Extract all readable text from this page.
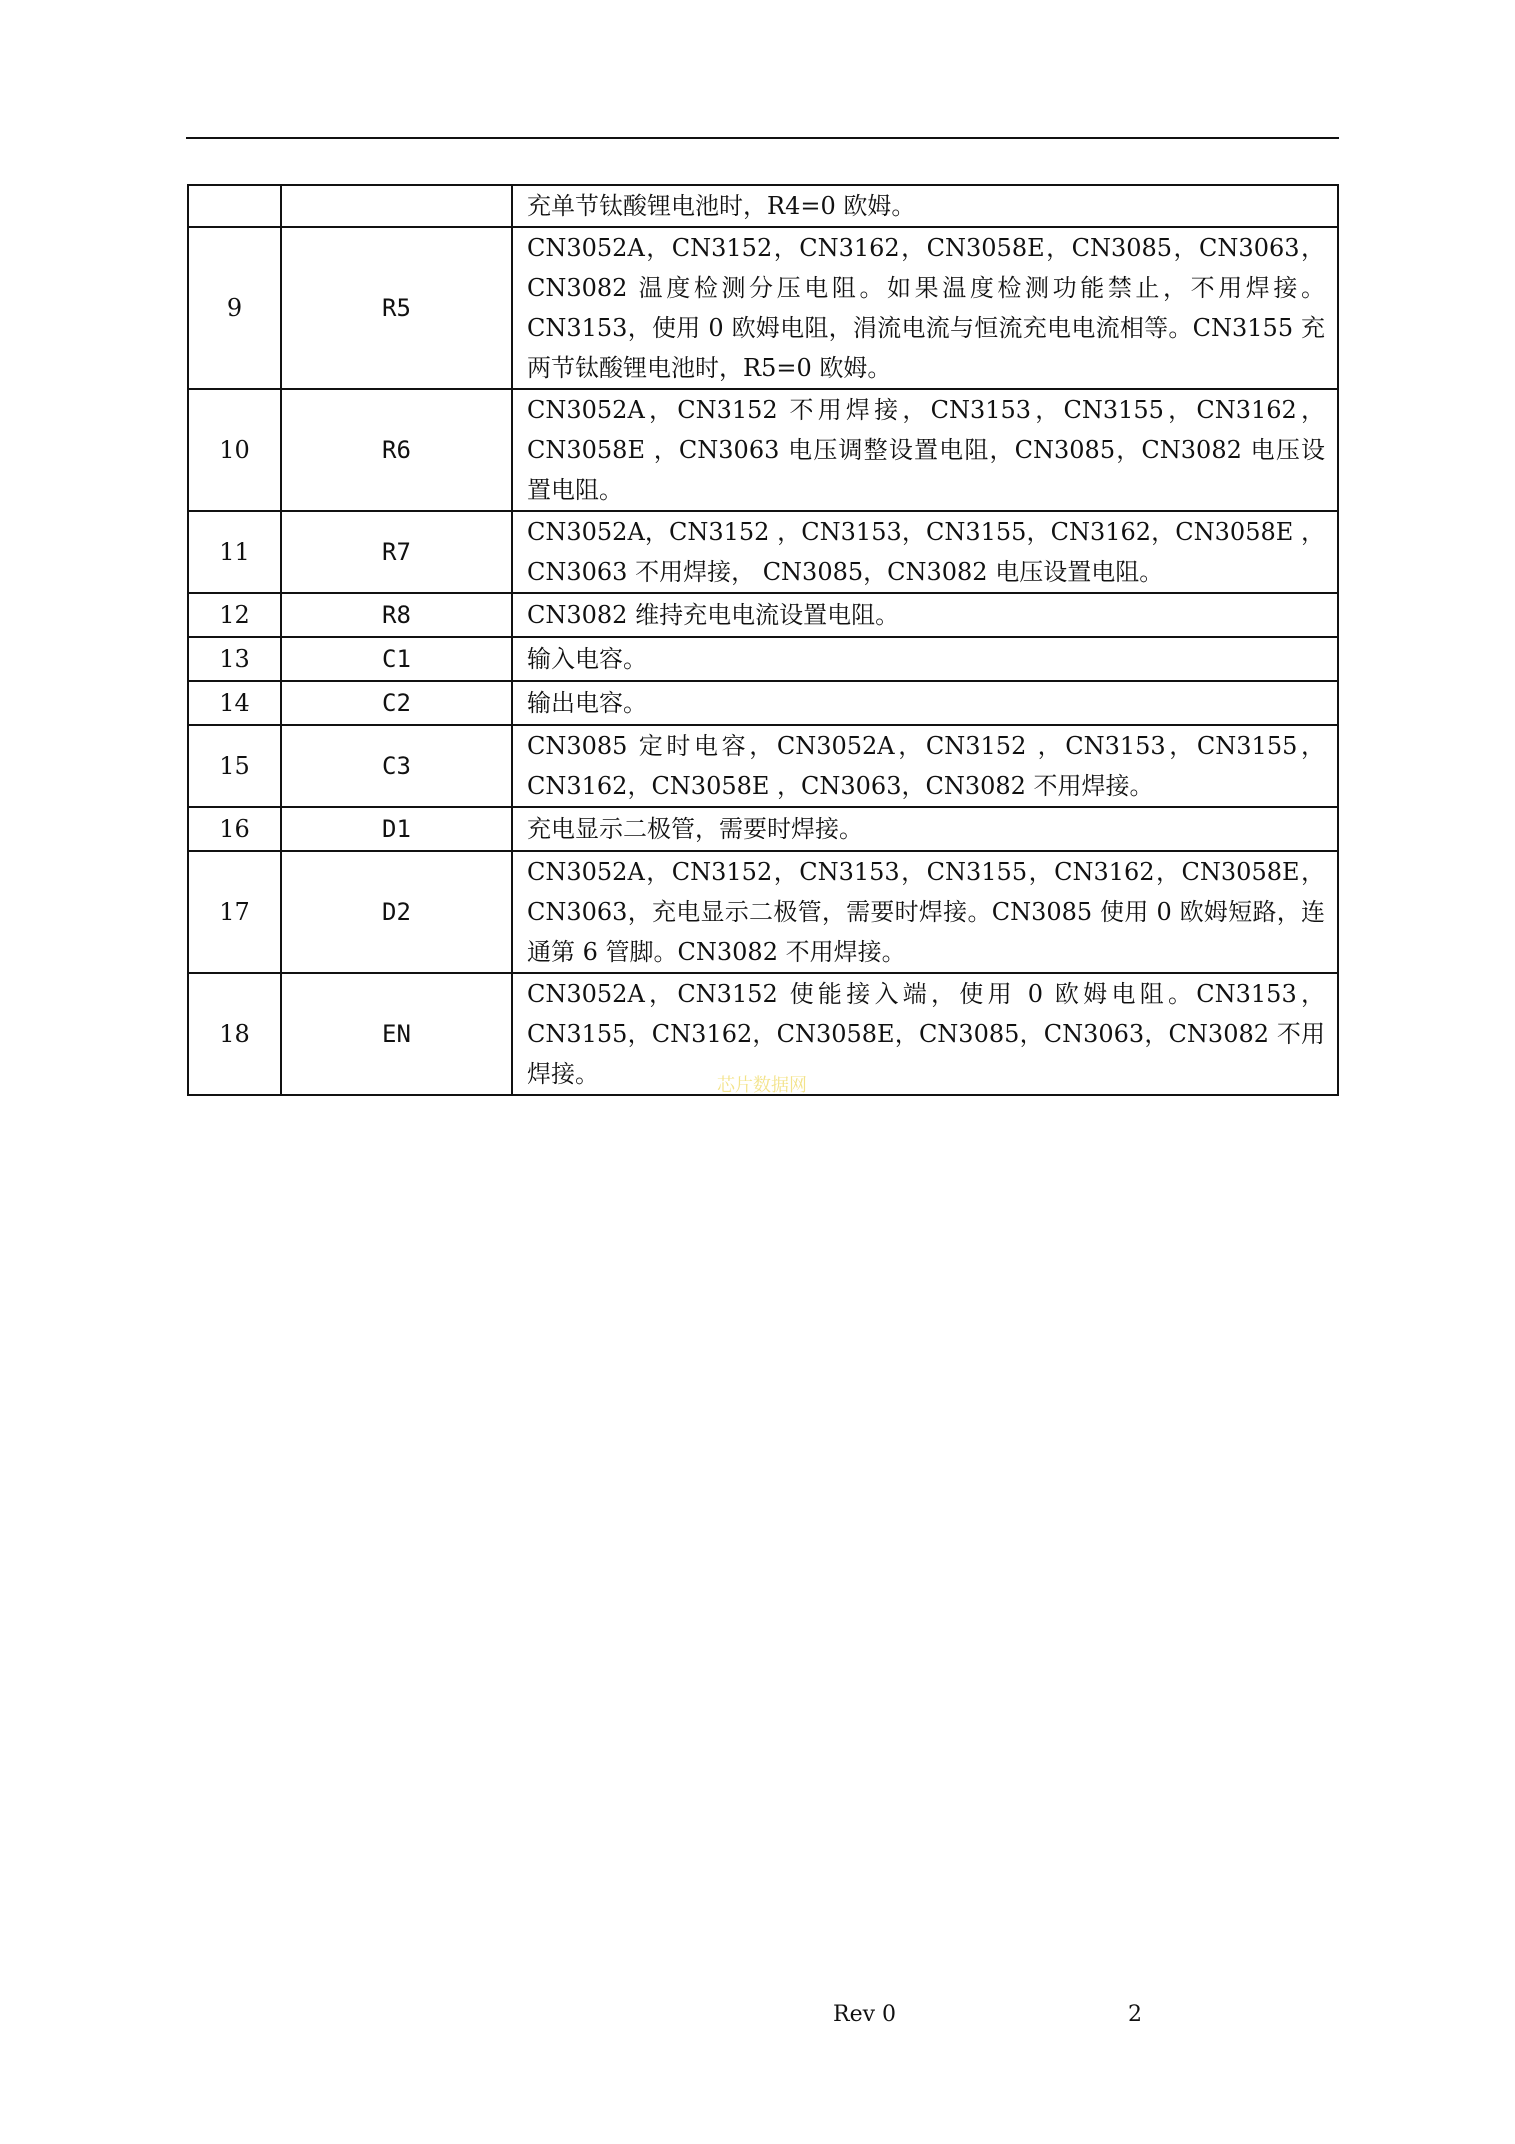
		充单节钛酸锂电池时，R4=0 欧姆。
9	R5	CN3052A，CN3152，CN3162，CN3058E，CN3085，CN3063，CN3082 温度检测分压电阻。如果温度检测功能禁止，不用焊接。CN3153，使用 0 欧姆电阻，涓流电流与恒流充电电流相等。CN3155 充两节钛酸锂电池时，R5=0 欧姆。
10	R6	CN3052A，CN3152 不用焊接，CN3153，CN3155，CN3162，CN3058E ，CN3063 电压调整设置电阻，CN3085，CN3082 电压设置电阻。
11	R7	CN3052A，CN3152 ，CN3153，CN3155，CN3162，CN3058E ，CN3063 不用焊接， CN3085，CN3082 电压设置电阻。
12	R8	CN3082 维持充电电流设置电阻。
13	C1	输入电容。
14	C2	输出电容。
15	C3	CN3085 定时电容，CN3052A，CN3152 ，CN3153，CN3155，CN3162，CN3058E ，CN3063，CN3082 不用焊接。
16	D1	充电显示二极管，需要时焊接。
17	D2	CN3052A，CN3152，CN3153，CN3155，CN3162，CN3058E，CN3063，充电显示二极管，需要时焊接。CN3085 使用 0 欧姆短路，连通第 6 管脚。CN3082 不用焊接。
18	EN	CN3052A，CN3152 使能接入端，使用 0 欧姆电阻。CN3153，CN3155，CN3162，CN3058E，CN3085，CN3063，CN3082 不用焊接。	芯片数据网
Rev 0	2
